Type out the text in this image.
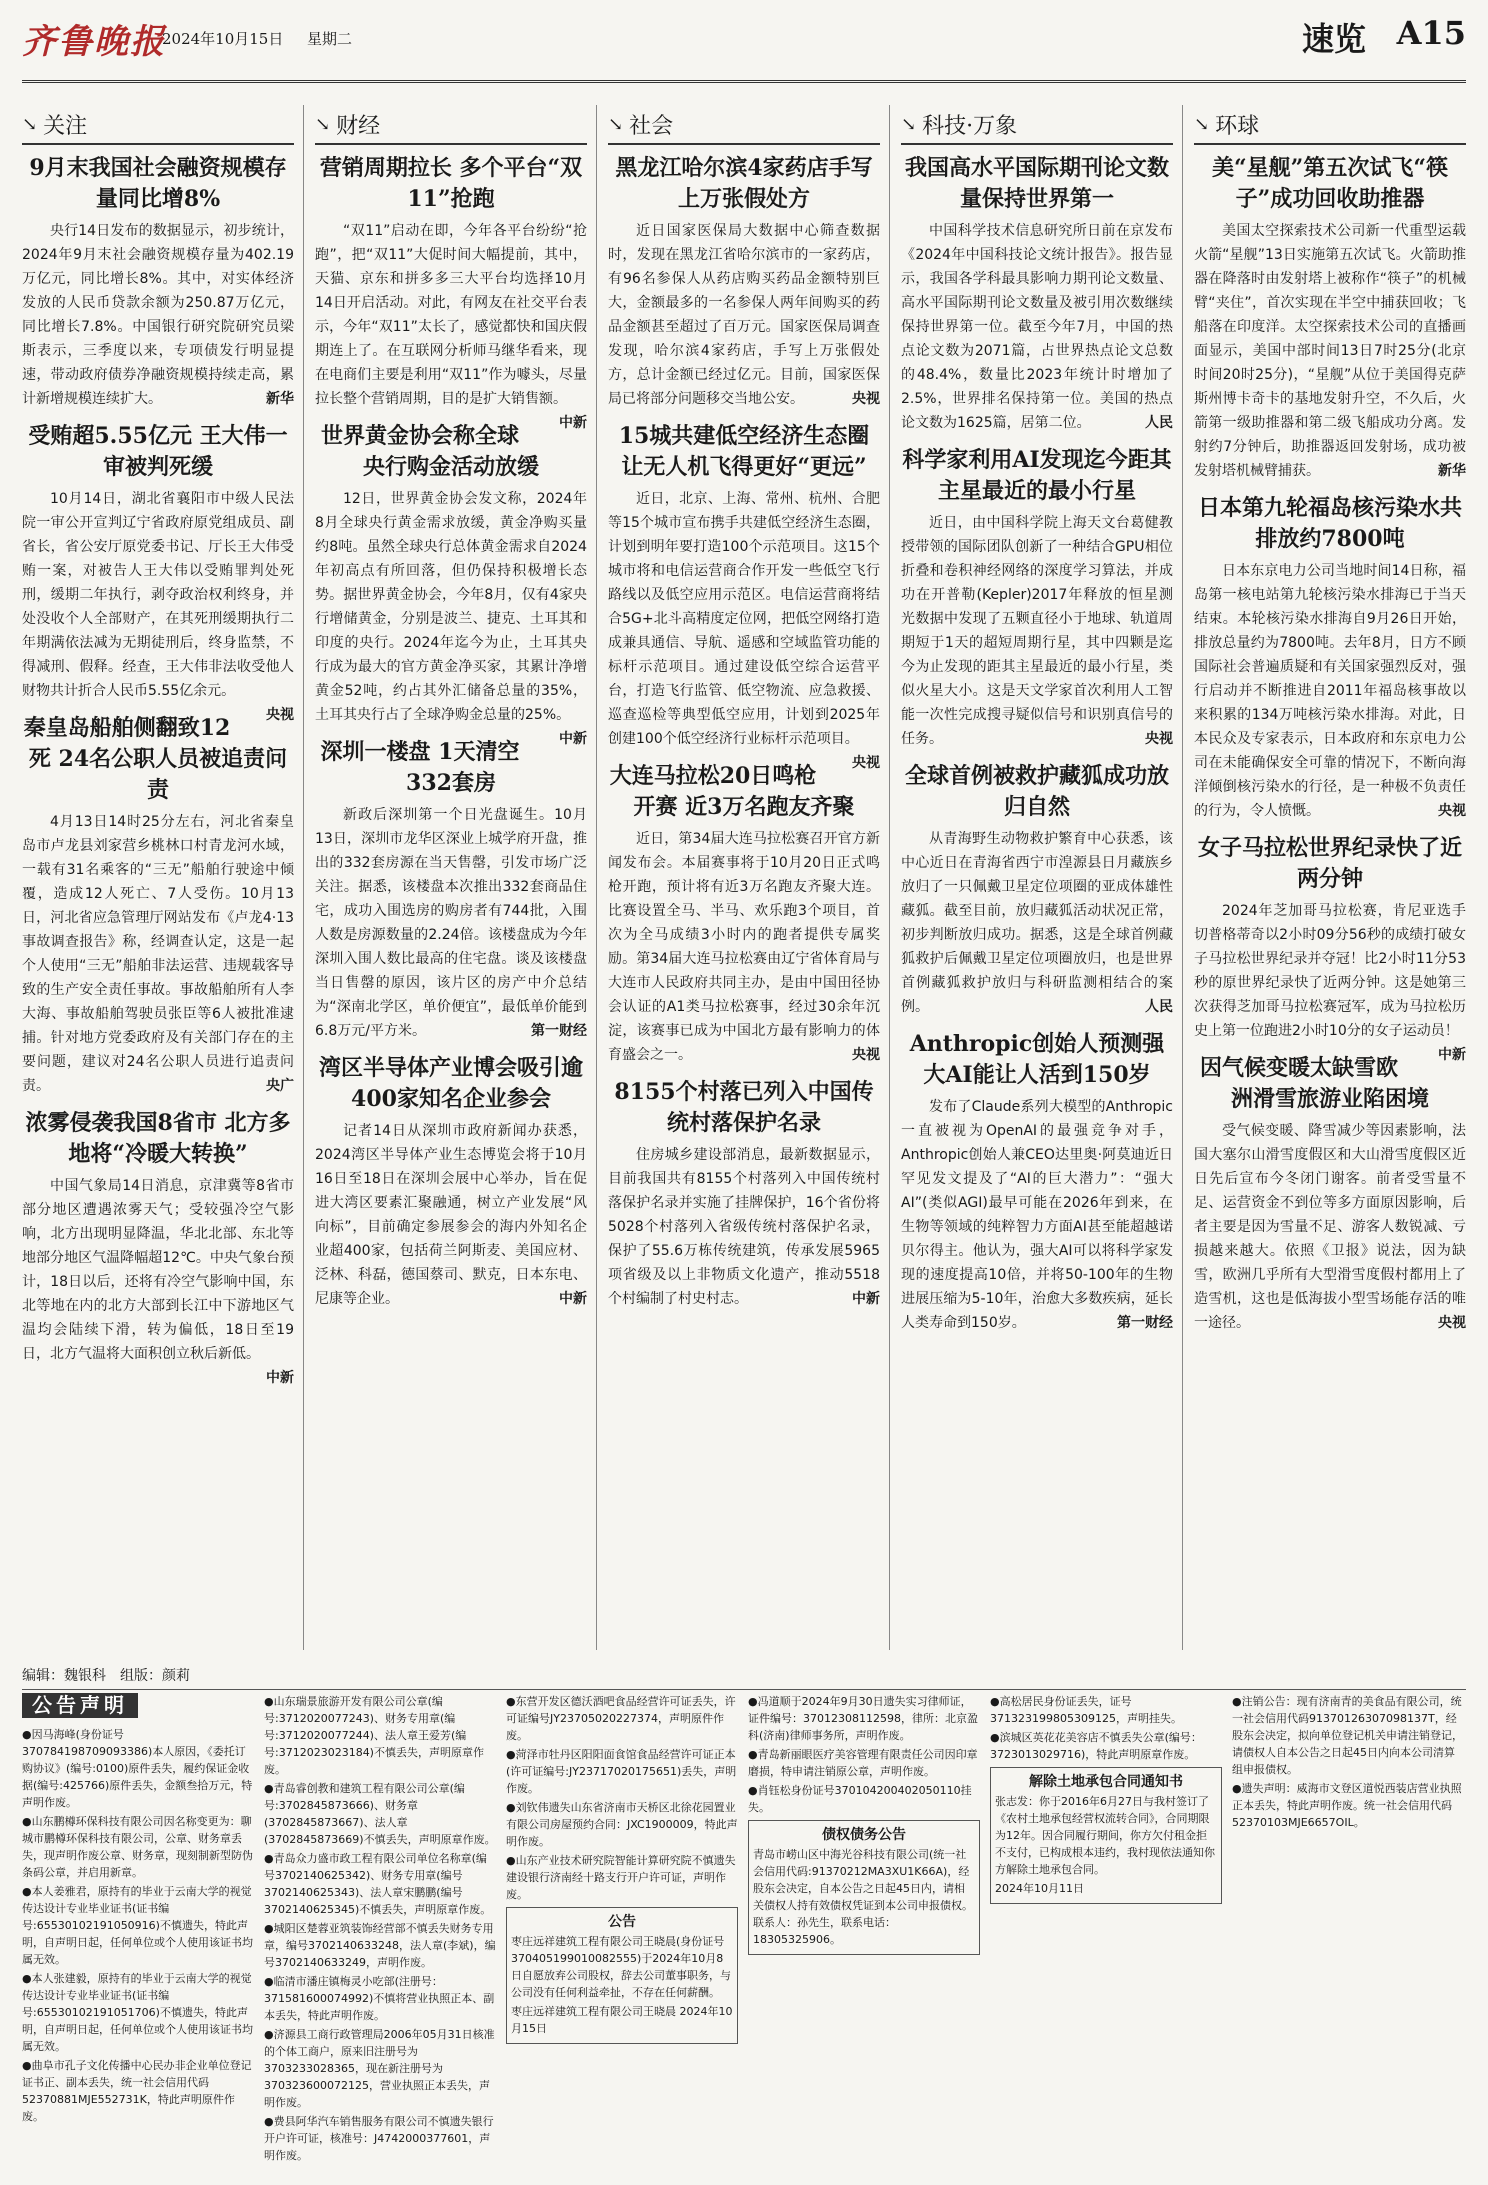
齐鲁晚报
2024年10月15日 星期二	速览 A15
↘ 关注
9月末我国社会融资规模存量同比增8%

央行14日发布的数据显示，初步统计，2024年9月末社会融资规模存量为402.19万亿元，同比增长8%。其中，对实体经济发放的人民币贷款余额为250.87万亿元，同比增长7.8%。中国银行研究院研究员梁斯表示，三季度以来，专项债发行明显提速，带动政府债券净融资规模持续走高，累计新增规模连续扩大。	新华

受贿超5.55亿元 王大伟一审被判死缓

10月14日，湖北省襄阳市中级人民法院一审公开宣判辽宁省政府原党组成员、副省长，省公安厅原党委书记、厅长王大伟受贿一案，对被告人王大伟以受贿罪判处死刑，缓期二年执行，剥夺政治权利终身，并处没收个人全部财产，在其死刑缓期执行二年期满依法减为无期徒刑后，终身监禁，不得减刑、假释。经查，王大伟非法收受他人财物共计折合人民币5.55亿余元。
央视

秦皇岛船舶侧翻致12死 24名公职人员被追责问责

4月13日14时25分左右，河北省秦皇岛市卢龙县刘家营乡桃林口村青龙河水域，一载有31名乘客的“三无”船舶行驶途中倾覆，造成12人死亡、7人受伤。10月13日，河北省应急管理厅网站发布《卢龙4·13事故调查报告》称，经调查认定，这是一起个人使用“三无”船舶非法运营、违规载客导致的生产安全责任事故。事故船舶所有人李大海、事故船舶驾驶员张臣等6人被批准逮捕。针对地方党委政府及有关部门存在的主要问题，建议对24名公职人员进行追责问责。	央广

浓雾侵袭我国8省市 北方多地将“冷暖大转换”

中国气象局14日消息，京津冀等8省市部分地区遭遇浓雾天气；受较强冷空气影响，北方出现明显降温，华北北部、东北等地部分地区气温降幅超12℃。中央气象台预计，18日以后，还将有冷空气影响中国，东北等地在内的北方大部到长江中下游地区气温均会陆续下滑，转为偏低，18日至19日，北方气温将大面积创立秋后新低。
中新

↘ 财经
营销周期拉长 多个平台“双11”抢跑

“双11”启动在即，今年各平台纷纷“抢跑”，把“双11”大促时间大幅提前，其中，天猫、京东和拼多多三大平台均选择10月14日开启活动。对此，有网友在社交平台表示，今年“双11”太长了，感觉都快和国庆假期连上了。在互联网分析师马继华看来，现在电商们主要是利用“双11”作为噱头，尽量拉长整个营销周期，目的是扩大销售额。
中新

世界黄金协会称全球央行购金活动放缓

12日，世界黄金协会发文称，2024年8月全球央行黄金需求放缓，黄金净购买量约8吨。虽然全球央行总体黄金需求自2024年初高点有所回落，但仍保持积极增长态势。据世界黄金协会，今年8月，仅有4家央行增储黄金，分别是波兰、捷克、土耳其和印度的央行。2024年迄今为止，土耳其央行成为最大的官方黄金净买家，其累计净增黄金52吨，约占其外汇储备总量的35%，土耳其央行占了全球净购金总量的25%。
中新

深圳一楼盘 1天清空332套房

新政后深圳第一个日光盘诞生。10月13日，深圳市龙华区深业上城学府开盘，推出的332套房源在当天售罄，引发市场广泛关注。据悉，该楼盘本次推出332套商品住宅，成功入围选房的购房者有744批，入围人数是房源数量的2.24倍。该楼盘成为今年深圳入围人数比最高的住宅盘。谈及该楼盘当日售罄的原因，该片区的房产中介总结为“深南北学区，单价便宜”，最低单价能到6.8万元/平方米。	第一财经

湾区半导体产业博会吸引逾400家知名企业参会

记者14日从深圳市政府新闻办获悉，2024湾区半导体产业生态博览会将于10月16日至18日在深圳会展中心举办，旨在促进大湾区要素汇聚融通，树立产业发展“风向标”，目前确定参展参会的海内外知名企业超400家，包括荷兰阿斯麦、美国应材、泛林、科磊，德国蔡司、默克，日本东电、尼康等企业。	中新

↘ 社会
黑龙江哈尔滨4家药店手写上万张假处方

近日国家医保局大数据中心筛查数据时，发现在黑龙江省哈尔滨市的一家药店，有96名参保人从药店购买药品金额特别巨大，金额最多的一名参保人两年间购买的药品金额甚至超过了百万元。国家医保局调查发现，哈尔滨4家药店，手写上万张假处方，总计金额已经过亿元。目前，国家医保局已将部分问题移交当地公安。	央视

15城共建低空经济生态圈 让无人机飞得更好“更远”

近日，北京、上海、常州、杭州、合肥等15个城市宣布携手共建低空经济生态圈，计划到明年要打造100个示范项目。这15个城市将和电信运营商合作开发一些低空飞行路线以及低空应用示范区。电信运营商将结合5G+北斗高精度定位网，把低空网络打造成兼具通信、导航、遥感和空域监管功能的标杆示范项目。通过建设低空综合运营平台，打造飞行监管、低空物流、应急救援、巡查巡检等典型低空应用，计划到2025年创建100个低空经济行业标杆示范项目。
央视

大连马拉松20日鸣枪开赛 近3万名跑友齐聚

近日，第34届大连马拉松赛召开官方新闻发布会。本届赛事将于10月20日正式鸣枪开跑，预计将有近3万名跑友齐聚大连。比赛设置全马、半马、欢乐跑3个项目，首次为全马成绩3小时内的跑者提供专属奖励。第34届大连马拉松赛由辽宁省体育局与大连市人民政府共同主办，是由中国田径协会认证的A1类马拉松赛事，经过30余年沉淀，该赛事已成为中国北方最有影响力的体育盛会之一。	央视

8155个村落已列入中国传统村落保护名录

住房城乡建设部消息，最新数据显示，目前我国共有8155个村落列入中国传统村落保护名录并实施了挂牌保护，16个省份将5028个村落列入省级传统村落保护名录，保护了55.6万栋传统建筑，传承发展5965项省级及以上非物质文化遗产，推动5518个村编制了村史村志。	中新

↘ 科技·万象
我国高水平国际期刊论文数量保持世界第一

中国科学技术信息研究所日前在京发布《2024年中国科技论文统计报告》。报告显示，我国各学科最具影响力期刊论文数量、高水平国际期刊论文数量及被引用次数继续保持世界第一位。截至今年7月，中国的热点论文数为2071篇，占世界热点论文总数的48.4%，数量比2023年统计时增加了2.5%，世界排名保持第一位。美国的热点论文数为1625篇，居第二位。	人民

科学家利用AI发现迄今距其主星最近的最小行星

近日，由中国科学院上海天文台葛健教授带领的国际团队创新了一种结合GPU相位折叠和卷积神经网络的深度学习算法，并成功在开普勒(Kepler)2017年释放的恒星测光数据中发现了五颗直径小于地球、轨道周期短于1天的超短周期行星，其中四颗是迄今为止发现的距其主星最近的最小行星，类似火星大小。这是天文学家首次利用人工智能一次性完成搜寻疑似信号和识别真信号的任务。	央视

全球首例被救护藏狐成功放归自然

从青海野生动物救护繁育中心获悉，该中心近日在青海省西宁市湟源县日月藏族乡放归了一只佩戴卫星定位项圈的亚成体雄性藏狐。截至目前，放归藏狐活动状况正常，初步判断放归成功。据悉，这是全球首例藏狐救护后佩戴卫星定位项圈放归，也是世界首例藏狐救护放归与科研监测相结合的案例。	人民

Anthropic创始人预测强大AI能让人活到150岁

发布了Claude系列大模型的Anthropic一直被视为OpenAI的最强竞争对手，Anthropic创始人兼CEO达里奥·阿莫迪近日罕见发文提及了“AI的巨大潜力”：“强大AI”(类似AGI)最早可能在2026年到来，在生物等领域的纯粹智力方面AI甚至能超越诺贝尔得主。他认为，强大AI可以将科学家发现的速度提高10倍，并将50-100年的生物进展压缩为5-10年，治愈大多数疾病，延长人类寿命到150岁。	第一财经

↘ 环球
美“星舰”第五次试飞“筷子”成功回收助推器

美国太空探索技术公司新一代重型运载火箭“星舰”13日实施第五次试飞。火箭助推器在降落时由发射塔上被称作“筷子”的机械臂“夹住”，首次实现在半空中捕获回收；飞船落在印度洋。太空探索技术公司的直播画面显示，美国中部时间13日7时25分(北京时间20时25分)，“星舰”从位于美国得克萨斯州博卡奇卡的基地发射升空，不久后，火箭第一级助推器和第二级飞船成功分离。发射约7分钟后，助推器返回发射场，成功被发射塔机械臂捕获。	新华

日本第九轮福岛核污染水共排放约7800吨

日本东京电力公司当地时间14日称，福岛第一核电站第九轮核污染水排海已于当天结束。本轮核污染水排海自9月26日开始，排放总量约为7800吨。去年8月，日方不顾国际社会普遍质疑和有关国家强烈反对，强行启动并不断推进自2011年福岛核事故以来积累的134万吨核污染水排海。对此，日本民众及专家表示，日本政府和东京电力公司在未能确保安全可靠的情况下，不断向海洋倾倒核污染水的行径，是一种极不负责任的行为，令人愤慨。	央视

女子马拉松世界纪录快了近两分钟

2024年芝加哥马拉松赛，肯尼亚选手切普格蒂奇以2小时09分56秒的成绩打破女子马拉松世界纪录并夺冠！比2小时11分53秒的原世界纪录快了近两分钟。这是她第三次获得芝加哥马拉松赛冠军，成为马拉松历史上第一位跑进2小时10分的女子运动员！
中新

因气候变暖太缺雪欧洲滑雪旅游业陷困境

受气候变暖、降雪减少等因素影响，法国大塞尔山滑雪度假区和大山滑雪度假区近日先后宣布今冬闭门谢客。前者受雪量不足、运营资金不到位等多方面原因影响，后者主要是因为雪量不足、游客人数锐减、亏损越来越大。依照《卫报》说法，因为缺雪，欧洲几乎所有大型滑雪度假村都用上了造雪机，这也是低海拔小型雪场能存活的唯一途径。	央视

编辑：魏银科　组版：颜莉
公告声明

●因马海峰(身份证号370784198709093386)本人原因，《委托订购协议》(编号:0100)原件丢失，履约保证金收据(编号:425766)原件丢失，金额叁拾万元，特声明作废。

●山东鹏樽环保科技有限公司因名称变更为：聊城市鹏樽环保科技有限公司，公章、财务章丢失，现声明作废公章、财务章，现刻制新型防伪条码公章，并启用新章。

●本人姜雅君，原持有的毕业于云南大学的视觉传达设计专业毕业证书(证书编号:65530102191050916)不慎遗失，特此声明，自声明日起，任何单位或个人使用该证书均属无效。

●本人张建毅，原持有的毕业于云南大学的视觉传达设计专业毕业证书(证书编号:65530102191051706)不慎遗失，特此声明，自声明日起，任何单位或个人使用该证书均属无效。

●曲阜市孔子文化传播中心民办非企业单位登记证书正、副本丢失，统一社会信用代码52370881MJE552731K，特此声明原件作废。

●山东瑞景旅游开发有限公司公章(编号:3712020077243)、财务专用章(编号:3712020077244)、法人章王爱芳(编号:3712023023184)不慎丢失，声明原章作废。

●青岛睿创教和建筑工程有限公司公章(编号:3702845873666)、财务章(3702845873667)、法人章(3702845873669)不慎丢失，声明原章作废。

●青岛众力盛市政工程有限公司单位名称章(编号3702140625342)、财务专用章(编号3702140625343)、法人章宋鹏鹏(编号3702140625345)不慎丢失，声明原章作废。

●城阳区楚蓉亚筑装饰经营部不慎丢失财务专用章，编号3702140633248，法人章(李斌)，编号3702140633249，声明作废。

●临清市潘庄镇梅灵小吃部(注册号：371581600074992)不慎将营业执照正本、副本丢失，特此声明作废。

●济源县工商行政管理局2006年05月31日核准的个体工商户，原来旧注册号为3703233028365，现在新注册号为370323600072125，营业执照正本丢失，声明作废。

●费县阿华汽车销售服务有限公司不慎遗失银行开户许可证，核准号：J4742000377601，声明作废。

●东营开发区德沃酒吧食品经营许可证丢失，许可证编号JY23705020227374，声明原件作废。

●菏泽市牡丹区阳阳面食馆食品经营许可证正本(许可证编号:JY23717020175651)丢失，声明作废。

●刘钦伟遗失山东省济南市天桥区北徐花园置业有限公司房屋预约合同：JXC1900009，特此声明作废。

●山东产业技术研究院智能计算研究院不慎遗失建设银行济南经十路支行开户许可证，声明作废。

公告

枣庄远祥建筑工程有限公司王晓晨(身份证号370405199010082555)于2024年10月8日自愿放弃公司股权，辞去公司董事职务，与公司没有任何利益牵扯，不存在任何薪酬。

枣庄远祥建筑工程有限公司王晓晨 2024年10月15日

●冯道顺于2024年9月30日遗失实习律师证，证件编号：37012308112598，律所：北京盈科(济南)律师事务所，声明作废。

●青岛新丽眼医疗美容管理有限责任公司因印章磨损，特申请注销原公章，声明作废。

●肖钰松身份证号370104200402050110挂失。

债权债务公告

青岛市崂山区中海光谷科技有限公司(统一社会信用代码:91370212MA3XU1K66A)，经股东会决定，自本公告之日起45日内，请相关债权人持有效债权凭证到本公司申报债权。联系人：孙先生，联系电话：18305325906。

●高松居民身份证丢失，证号371323199805309125，声明挂失。

●滨城区英花花美容店不慎丢失公章(编号：3723013029716)，特此声明原章作废。

解除土地承包合同通知书

张志发：你于2016年6月27日与我村签订了《农村土地承包经营权流转合同》，合同期限为12年。因合同履行期间，你方欠付租金拒不支付，已构成根本违约，我村现依法通知你方解除土地承包合同。

2024年10月11日

●注销公告：现有济南青的美食品有限公司，统一社会信用代码91370126307098137T，经股东会决定，拟向单位登记机关申请注销登记，请债权人自本公告之日起45日内向本公司清算组申报债权。

●遗失声明：威海市文登区道悦西装店营业执照正本丢失，特此声明作废。统一社会信用代码52370103MJE6657OIL。
